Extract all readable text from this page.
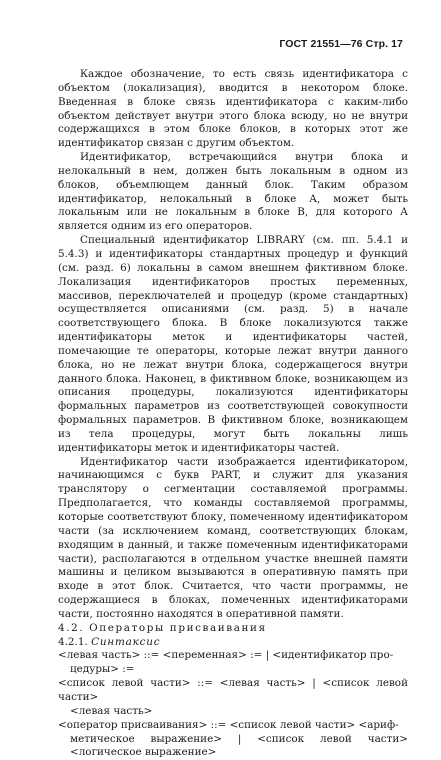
ГОСТ 21551—76 Стр. 17

Каждое обозначение, то есть связь идентификатора с объектом (локализация), вводится в некотором блоке. Введенная в блоке связь идентификатора с каким-либо объектом действует внутри этого блока всюду, но не внутри содержащихся в этом блоке блоков, в которых этот же идентификатор связан с другим объектом.

Идентификатор, встречающийся внутри блока и нелокальный в нем, должен быть локальным в одном из блоков, объемлющем данный блок. Таким образом идентификатор, нелокальный в блоке А, может быть локальным или не локальным в блоке В, для которого А является одним из его операторов.

Специальный идентификатор LIBRARY (см. пп. 5.4.1 и 5.4.3) и идентификаторы стандартных процедур и функций (см. разд. 6) локальны в самом внешнем фиктивном блоке. Локализация идентификаторов простых переменных, массивов, переключателей и процедур (кроме стандартных) осуществляется описаниями (см. разд. 5) в начале соответствующего блока. В блоке локализуются также идентификаторы меток и идентификаторы частей, помечающие те операторы, которые лежат внутри данного блока, но не лежат внутри блока, содержащегося внутри данного блока. Наконец, в фиктивном блоке, возникающем из описания процедуры, локализуются идентификаторы формальных параметров из соответствующей совокупности формальных параметров. В фиктивном блоке, возникающем из тела процедуры, могут быть локальны лишь идентификаторы меток и идентификаторы частей.

Идентификатор части изображается идентификатором, начинающимся с букв PART, и служит для указания транслятору о сегментации составляемой программы. Предполагается, что команды составляемой программы, которые соответствуют блоку, помеченному идентификатором части (за исключением команд, соответствующих блокам, входящим в данный, и также помеченным идентификаторами части), располагаются в отдельном участке внешней памяти машины и целиком вызываются в оперативную память при входе в этот блок. Считается, что части программы, не содержащиеся в блоках, помеченных идентификаторами части, постоянно находятся в оперативной памяти.

4.2. Операторы присваивания
4.2.1. Синтаксис
<левая часть> ::= <переменная> := | <идентификатор про-
цедуры> :=
<список левой части> ::= <левая часть> | <список левой части>
<левая часть>
<оператор присваивания> ::= <список левой части> <ариф-
метическое выражение> | <список левой части> <логическое выражение>
